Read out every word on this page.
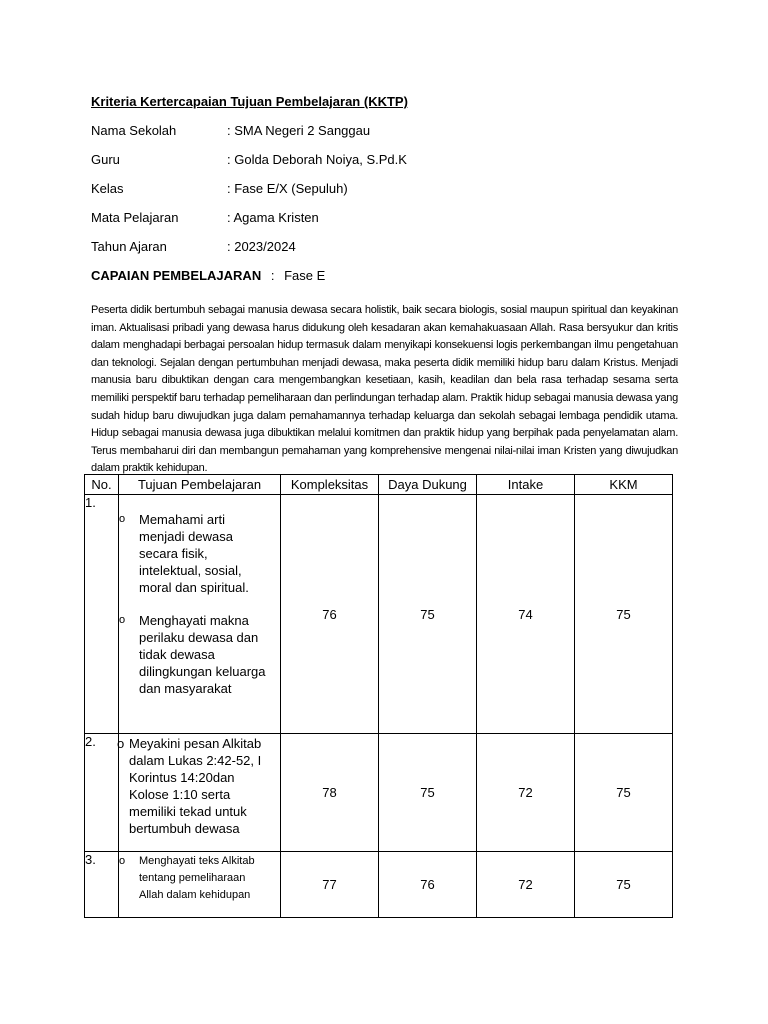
Kriteria Kertercapaian Tujuan Pembelajaran (KKTP)
Nama Sekolah	: SMA Negeri 2 Sanggau
Guru	: Golda Deborah Noiya, S.Pd.K
Kelas	: Fase E/X (Sepuluh)
Mata Pelajaran	: Agama Kristen
Tahun Ajaran	: 2023/2024
CAPAIAN PEMBELAJARAN : Fase E
Peserta didik bertumbuh sebagai manusia dewasa secara holistik, baik secara biologis, sosial maupun spiritual dan keyakinan iman. Aktualisasi pribadi yang dewasa harus didukung oleh kesadaran akan kemahakuasaan Allah. Rasa bersyukur dan kritis dalam menghadapi berbagai persoalan hidup termasuk dalam menyikapi konsekuensi logis perkembangan ilmu pengetahuan dan teknologi. Sejalan dengan pertumbuhan menjadi dewasa, maka peserta didik memiliki hidup baru dalam Kristus. Menjadi manusia baru dibuktikan dengan cara mengembangkan kesetiaan, kasih, keadilan dan bela rasa terhadap sesama serta memiliki perspektif baru terhadap pemeliharaan dan perlindungan terhadap alam. Praktik hidup sebagai manusia dewasa yang sudah hidup baru diwujudkan juga dalam pemahamannya terhadap keluarga dan sekolah sebagai lembaga pendidik utama. Hidup sebagai manusia dewasa juga dibuktikan melalui komitmen dan praktik hidup yang berpihak pada penyelamatan alam. Terus membaharui diri dan membangun pemahaman yang komprehensive mengenai nilai-nilai iman Kristen yang diwujudkan dalam praktik kehidupan.
No.	Tujuan Pembelajaran	Kompleksitas	Daya Dukung	Intake	KKM
1.	o Memahami arti menjadi dewasa secara fisik, intelektual, sosial, moral dan spiritual.
o Menghayati makna perilaku dewasa dan tidak dewasa dilingkungan keluarga dan masyarakat	76	75	74	75
2.	o Meyakini pesan Alkitab dalam Lukas 2:42-52, I Korintus 14:20dan Kolose 1:10 serta memiliki tekad untuk bertumbuh dewasa	78	75	72	75
3.	o Menghayati teks Alkitab tentang pemeliharaan Allah dalam kehidupan	77	76	72	75
